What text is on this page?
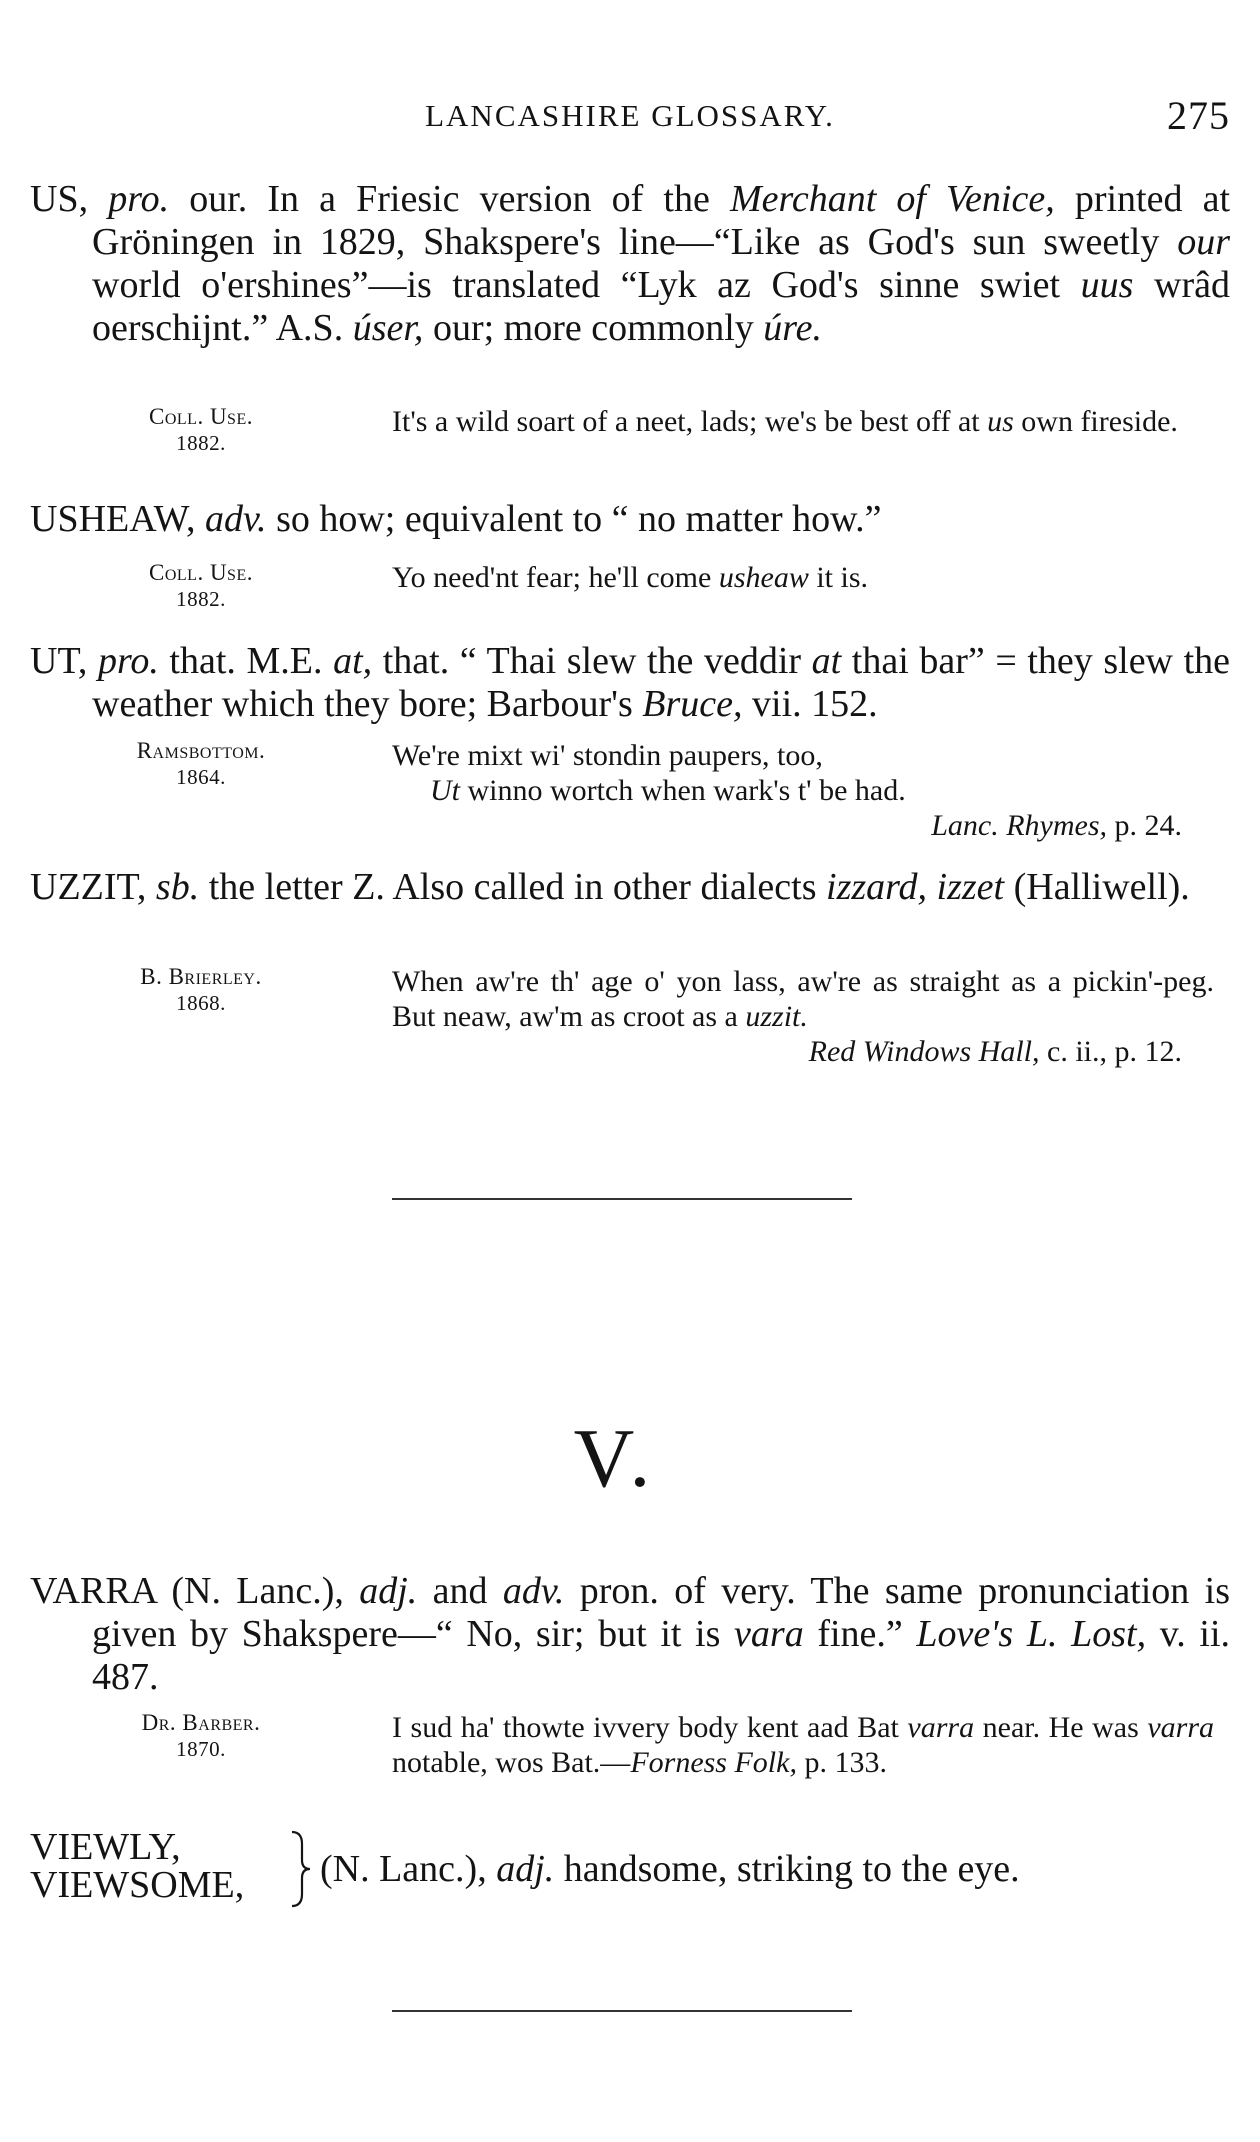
LANCASHIRE GLOSSARY.	275
US, pro. our. In a Friesic version of the Merchant of Venice, printed at Gröningen in 1829, Shakspere's line—“Like as God's sun sweetly our world o'ershines”—is translated “Lyk az God's sinne swiet uus wrâd oerschijnt.” A.S. úser, our; more commonly úre.
Coll. Use.
1882.
It's a wild soart of a neet, lads; we's be best off at us own fireside.
USHEAW, adv. so how; equivalent to “ no matter how.”
Coll. Use.
1882.
Yo need'nt fear; he'll come usheaw it is.
UT, pro. that. M.E. at, that. “ Thai slew the veddir at thai bar” = they slew the weather which they bore; Barbour's Bruce, vii. 152.
Ramsbottom.
1864.
We're mixt wi' stondin paupers, too,
Ut winno wortch when wark's t' be had.
Lanc. Rhymes, p. 24.
UZZIT, sb. the letter Z. Also called in other dialects izzard, izzet (Halliwell).
B. Brierley.
1868.
When aw're th' age o' yon lass, aw're as straight as a pickin'-peg. But neaw, aw'm as croot as a uzzit.
Red Windows Hall, c. ii., p. 12.
V.
VARRA (N. Lanc.), adj. and adv. pron. of very. The same pronunciation is given by Shakspere—“ No, sir; but it is vara fine.” Love's L. Lost, v. ii. 487.
Dr. Barber.
1870.
I sud ha' thowte ivvery body kent aad Bat varra near. He was varra notable, wos Bat.—Forness Folk, p. 133.
VIEWLY,
VIEWSOME, (N. Lanc.), adj. handsome, striking to the eye.
